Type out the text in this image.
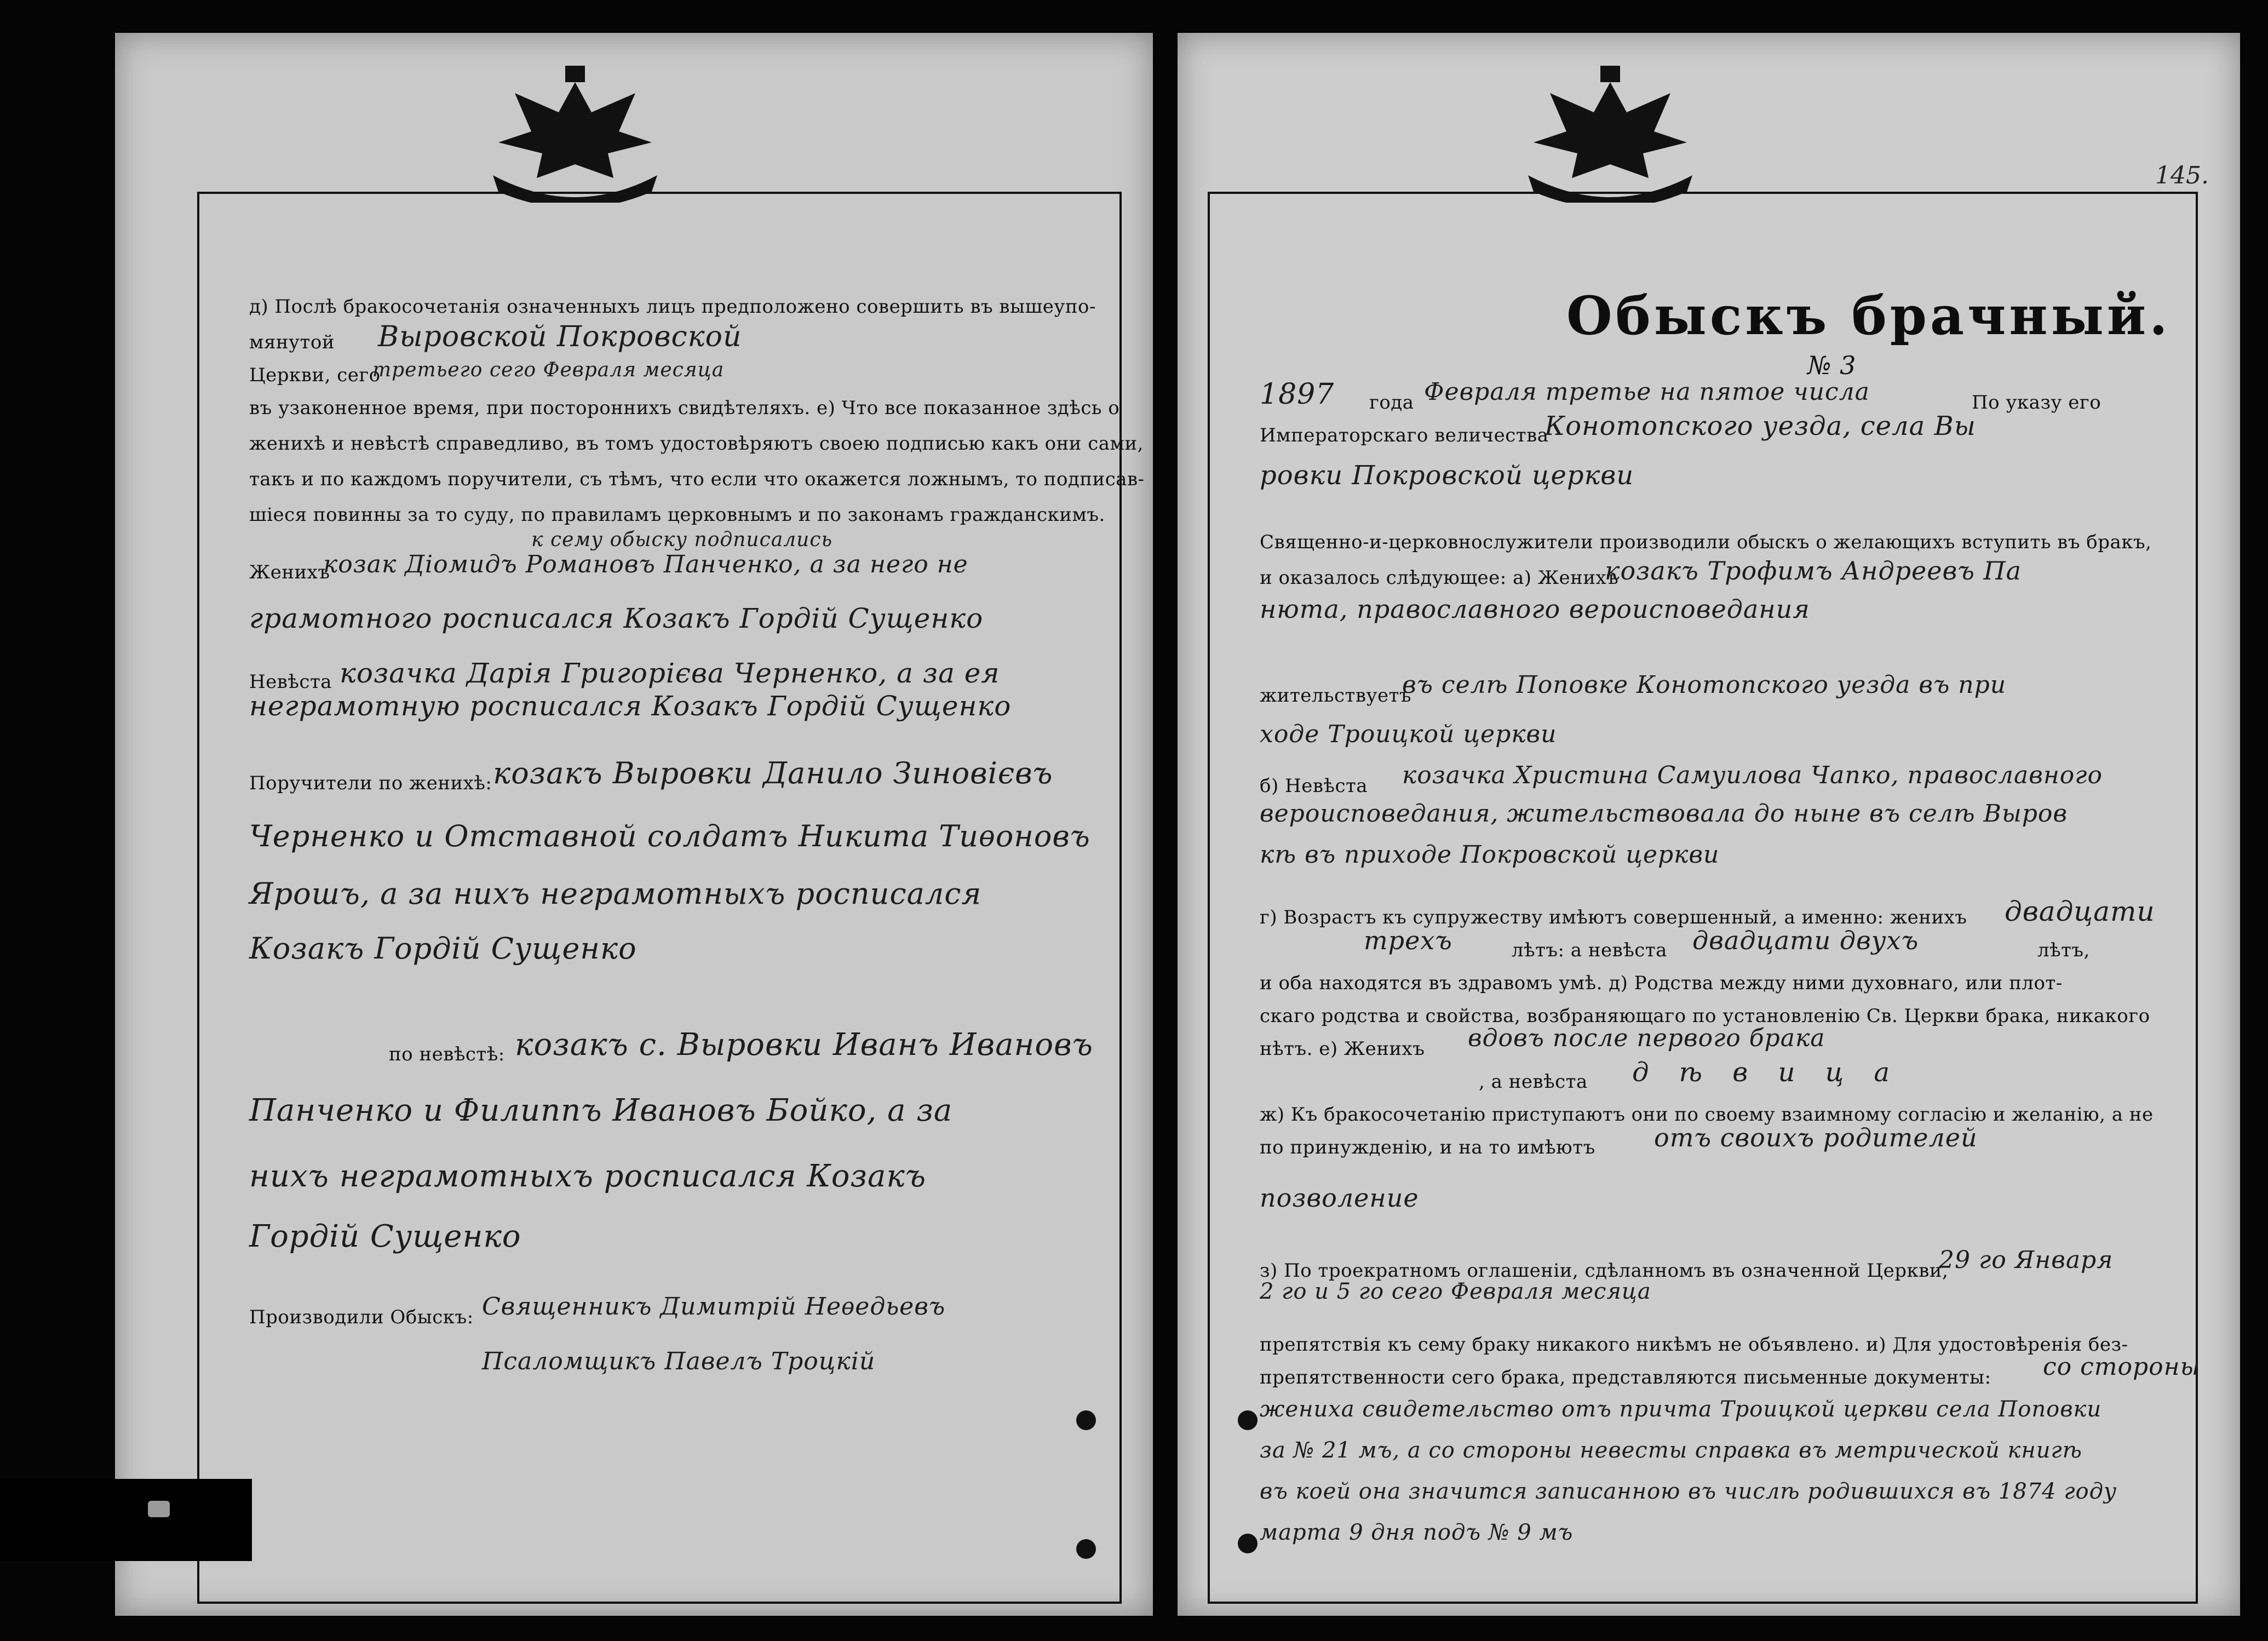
д) Послѣ бракосочетанія означенныхъ лицъ предположено совершить въ вышеупо-
мянутой
Церкви, сего
въ узаконенное время, при постороннихъ свидѣтеляхъ. е) Что все показанное здѣсь о
женихѣ и невѣстѣ справедливо, въ томъ удостовѣряютъ своею подписью какъ они сами,
такъ и по каждомъ поручители, съ тѣмъ, что если что окажется ложнымъ, то подписав-
шіеся повинны за то суду, по правиламъ церковнымъ и по законамъ гражданскимъ.
Женихъ
Невѣста
Поручители по женихѣ:
по невѣстѣ:
Производили Обыскъ:
Выровской Покровской
третьего сего Февраля месяца
к сему обыску подписались
козак Діомидъ Романовъ Панченко, а за него не
грамотного росписался Козакъ Гордій Сущенко
козачка Дарія Григорієва Черненко, а за ея
неграмотную росписался Козакъ Гордій Сущенко
козакъ Выровки Данило Зиновієвъ
Черненко и Отставной солдатъ Никита Тиѳоновъ
Ярошъ, а за нихъ неграмотныхъ росписался
Козакъ Гордій Сущенко
козакъ с. Выровки Иванъ Ивановъ
Панченко и Филиппъ Ивановъ Бойко, а за
нихъ неграмотныхъ росписался Козакъ
Гордій Сущенко
Священникъ Димитрій Неѳедьевъ
Псаломщикъ Павелъ Троцкій
145.
Обыскъ брачный.
№ 3
1897 года Февраля третье на пятое числа	По указу его
Императорскаго величества
Конотопского уезда, села Вы
ровки Покровской церкви
Священно-и-церковнослужители производили обыскъ о желающихъ вступить въ бракъ,
и оказалось слѣдующее: а) Женихъ
козакъ Трофимъ Андреевъ Па
нюта, православного вероисповедания
жительствуетъ
въ селѣ Поповке Конотопского уезда въ при
ходе Троицкой церкви
б) Невѣста козачка Христина Самуилова Чапко, православного
вероисповедания, жительствовала до ныне въ селѣ Выров
кѣ въ приходе Покровской церкви
г) Возрастъ къ супружеству имѣютъ совершенный, а именно: женихъ двадцати
трехъ	лѣтъ: а невѣста двадцати двухъ	лѣтъ,
и оба находятся въ здравомъ умѣ. д) Родства между ними духовнаго, или плот-
скаго родства и свойства, возбраняющаго по установленію Св. Церкви брака, никакого
нѣтъ. е) Женихъ вдовъ после первого брака
, а невѣста д ѣ в и ц а
ж) Къ бракосочетанію приступаютъ они по своему взаимному согласію и желанію, а не
по принужденію, и на то имѣютъ отъ своихъ родителей
позволение
з) По троекратномъ оглашеніи, сдѣланномъ въ означенной Церкви,
29 го Января
2 го и 5 го сего Февраля месяца
препятствія къ сему браку никакого никѣмъ не объявлено. и) Для удостовѣренія без-
препятственности сего брака, представляются письменные документы: со стороны
жениха свидетельство отъ причта Троицкой церкви села Поповки
за № 21 мъ, а со стороны невесты справка въ метрической книгѣ
въ коей она значится записанною въ числѣ родившихся въ 1874 году
марта 9 дня подъ № 9 мъ
